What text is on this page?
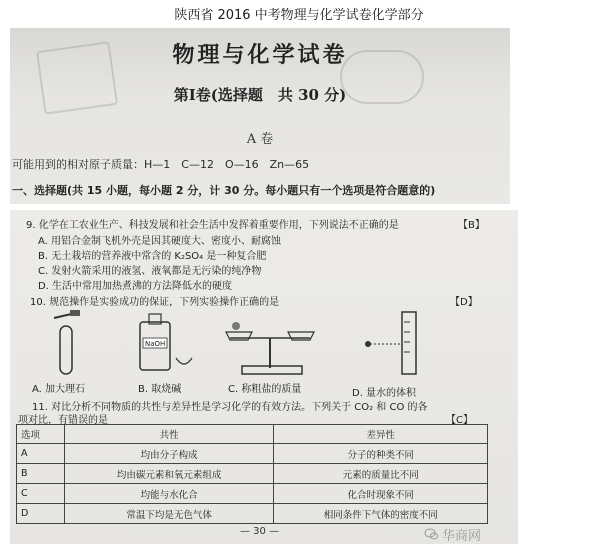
陕西省 2016 中考物理与化学试卷化学部分
物理与化学试卷
第Ⅰ卷(选择题　共 30 分)
A 卷
可能用到的相对原子质量：H—1　C—12　O—16　Zn—65
一、选择题(共 15 小题，每小题 2 分，计 30 分。每小题只有一个选项是符合题意的)
9. 化学在工农业生产、科技发展和社会生活中发挥着重要作用，下列说法不正确的是	【B】
A. 用铝合金制飞机外壳是因其硬度大、密度小、耐腐蚀
B. 无土栽培的营养液中常含的 K₂SO₄ 是一种复合肥
C. 发射火箭采用的液氢、液氧都是无污染的纯净物
D. 生活中常用加热煮沸的方法降低水的硬度
10. 规范操作是实验成功的保证，下列实验操作正确的是	【D】
NaOH
A. 加大理石	B. 取烧碱	C. 称粗盐的质量	D. 量水的体积
11. 对比分析不同物质的共性与差异性是学习化学的有效方法。下列关于 CO₂ 和 CO 的各
项对比，有错误的是	【C】
选项	共性	差异性
A	均由分子构成	分子的种类不同
B	均由碳元素和氧元素组成	元素的质量比不同
C	均能与水化合	化合时现象不同
D	常温下均是无色气体	相同条件下气体的密度不同
— 30 —	华商网
